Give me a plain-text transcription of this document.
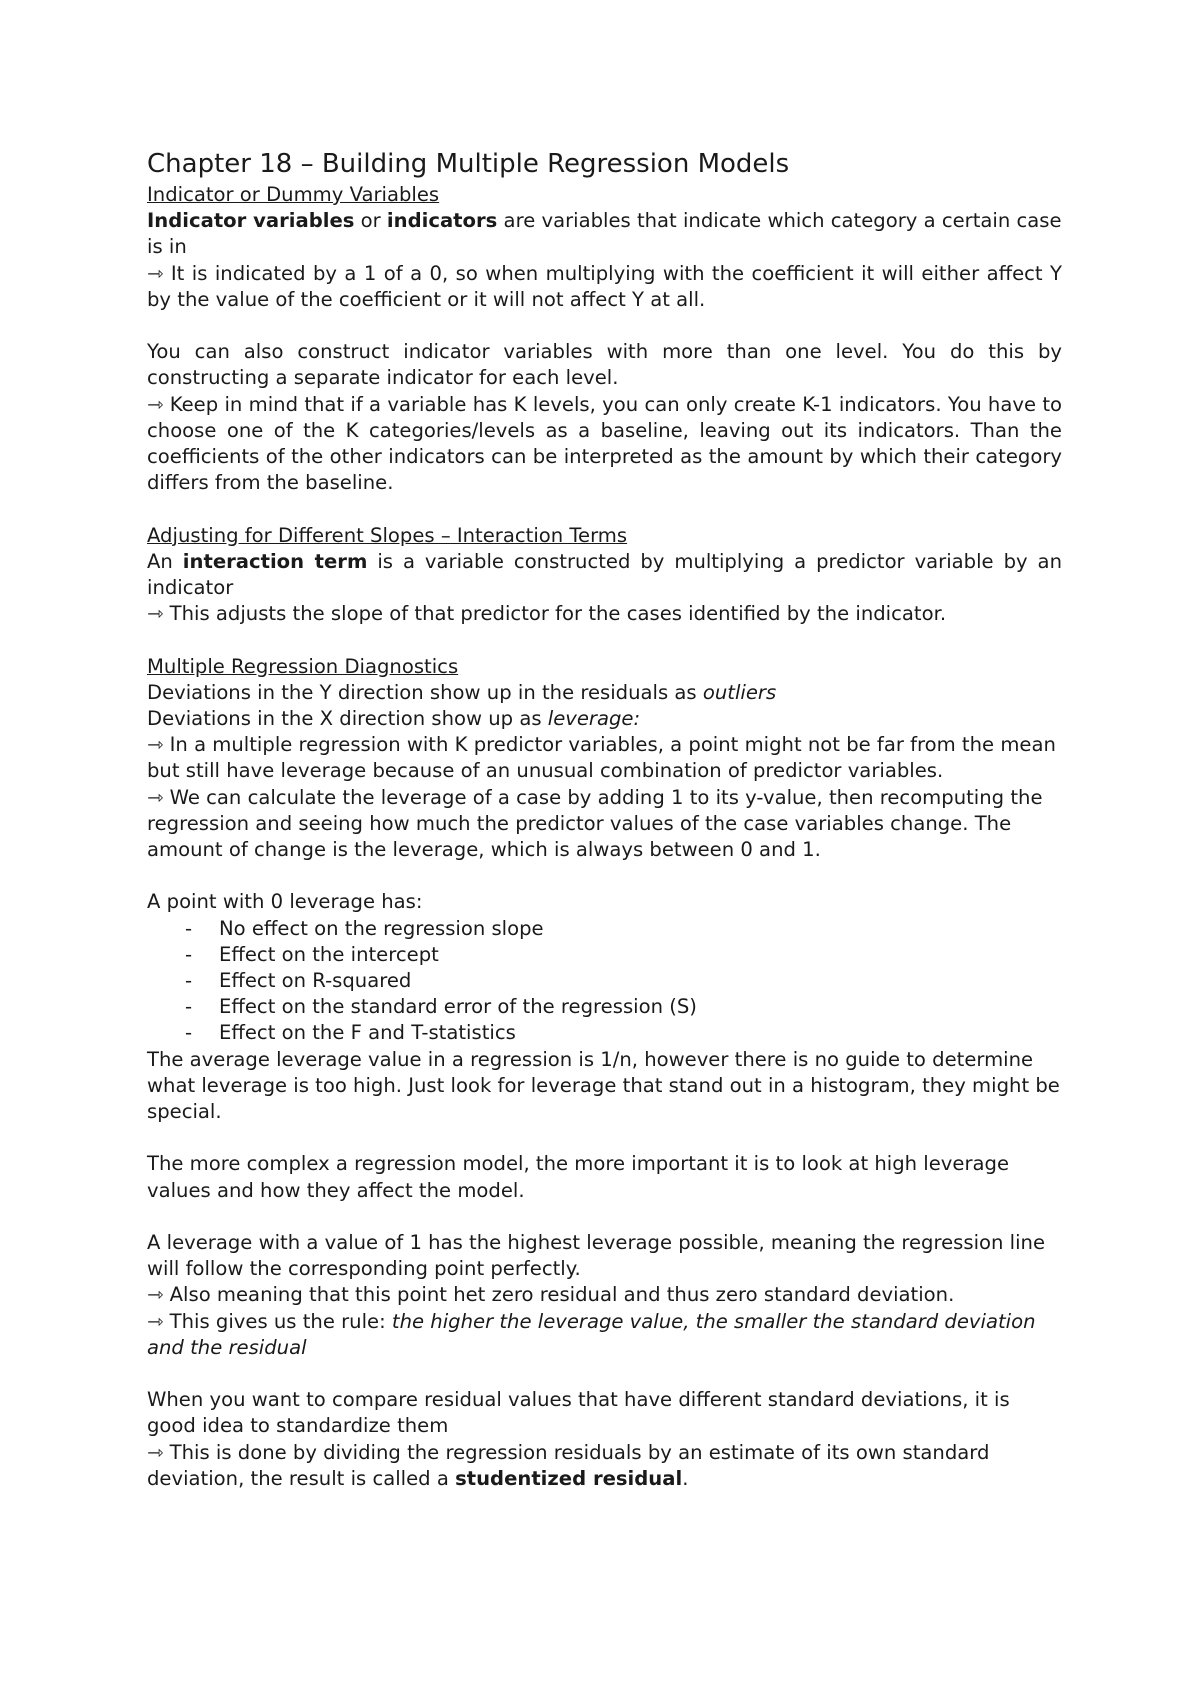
Chapter 18 – Building Multiple Regression Models

Indicator or Dummy Variables

Indicator variables or indicators are variables that indicate which category a certain case is in

⇾ It is indicated by a 1 of a 0, so when multiplying with the coefficient it will either affect Y by the value of the coefficient or it will not affect Y at all.

You can also construct indicator variables with more than one level. You do this by constructing a separate indicator for each level.

⇾ Keep in mind that if a variable has K levels, you can only create K-1 indicators. You have to choose one of the K categories/levels as a baseline, leaving out its indicators. Than the coefficients of the other indicators can be interpreted as the amount by which their category differs from the baseline.

Adjusting for Different Slopes – Interaction Terms

An interaction term is a variable constructed by multiplying a predictor variable by an indicator

⇾ This adjusts the slope of that predictor for the cases identified by the indicator.

Multiple Regression Diagnostics

Deviations in the Y direction show up in the residuals as outliers

Deviations in the X direction show up as leverage:

⇾ In a multiple regression with K predictor variables, a point might not be far from the mean but still have leverage because of an unusual combination of predictor variables.

⇾ We can calculate the leverage of a case by adding 1 to its y-value, then recomputing the regression and seeing how much the predictor values of the case variables change. The amount of change is the leverage, which is always between 0 and 1.

A point with 0 leverage has:

- No effect on the regression slope
- Effect on the intercept
- Effect on R-squared
- Effect on the standard error of the regression (S)
- Effect on the F and T-statistics

The average leverage value in a regression is 1/n, however there is no guide to determine what leverage is too high. Just look for leverage that stand out in a histogram, they might be special.

The more complex a regression model, the more important it is to look at high leverage values and how they affect the model.

A leverage with a value of 1 has the highest leverage possible, meaning the regression line will follow the corresponding point perfectly.

⇾ Also meaning that this point het zero residual and thus zero standard deviation.

⇾ This gives us the rule: the higher the leverage value, the smaller the standard deviation and the residual

When you want to compare residual values that have different standard deviations, it is good idea to standardize them

⇾ This is done by dividing the regression residuals by an estimate of its own standard deviation, the result is called a studentized residual.
